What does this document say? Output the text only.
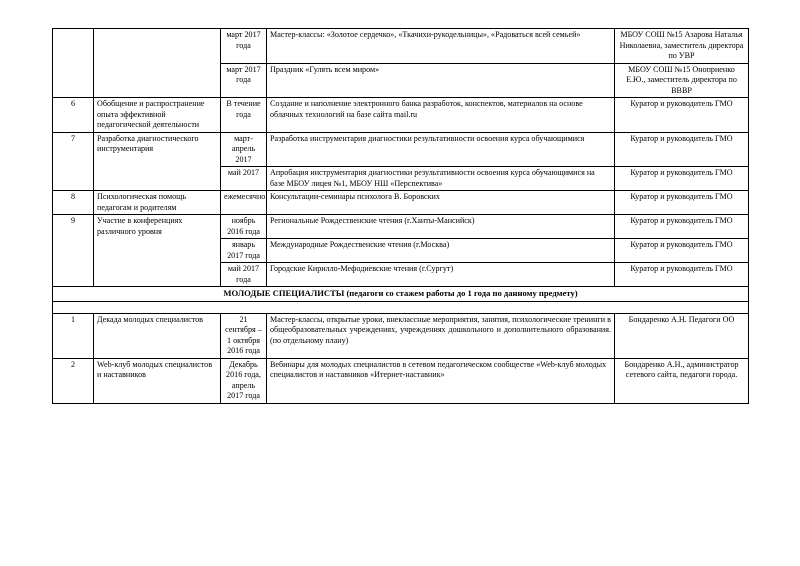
		март 2017 года	Мастер-классы: «Золотое сердечко», «Ткачихи-рукодельницы», «Радоваться всей семьей»	МБОУ СОШ №15 Азарова Наталья Николаевна, заместитель директора по УВР
		март 2017 года	Праздник «Гулять всем миром»	МБОУ СОШ №15 Оноприенко Е.Ю., заместитель директора по ВВВР
6	Обобщение и распространение опыта эффективной педагогической деятельности	В течение года	Создание и наполнение электронного банка разработок, конспектов, материалов на основе облачных технологий на базе сайта mail.ru	Куратор и руководитель ГМО
7	Разработка диагностического инструментария	март-апрель 2017	Разработка инструментария диагностики результативности освоения курса обучающимися	Куратор и руководитель ГМО
		май 2017	Апробация инструментария диагностики результативности освоения курса обучающимися на базе МБОУ лицея №1, МБОУ НШ «Перспектива»	Куратор и руководитель ГМО
8	Психологическая помощь педагогам и родителям	ежемесячно	Консультации-семинары психолога В. Боровских	Куратор и руководитель ГМО
9	Участие в конференциях различного уровня	ноябрь 2016 года	Региональные Рождественские чтения (г.Ханты-Мансийск)	Куратор и руководитель ГМО
		январь 2017 года	Международные Рождественские чтения (г.Москва)	Куратор и руководитель ГМО
		май 2017 года	Городские Кирилло-Мефодиевские чтения (г.Сургут)	Куратор и руководитель ГМО
МОЛОДЫЕ СПЕЦИАЛИСТЫ (педагоги со стажем работы до 1 года по данному предмету)				

1	Декада молодых специалистов	21 сентября – 1 октября 2016 года	Мастер-классы, открытые уроки, внеклассные мероприятия, занятия, психологические тренинги в общеобразовательных учреждениях, учреждениях дошкольного и дополнительного образования. (по отдельному плану)	Бондаренко А.Н. Педагоги ОО
2	Web-клуб молодых специалистов и наставников	Декабрь 2016 года, апрель 2017 года	Вебинары для молодых специалистов в сетевом педагогическом сообществе «Web-клуб молодых специалистов и наставников «Итернет-наставник»	Бондаренко А.Н., администратор сетевого сайта, педагоги города.
